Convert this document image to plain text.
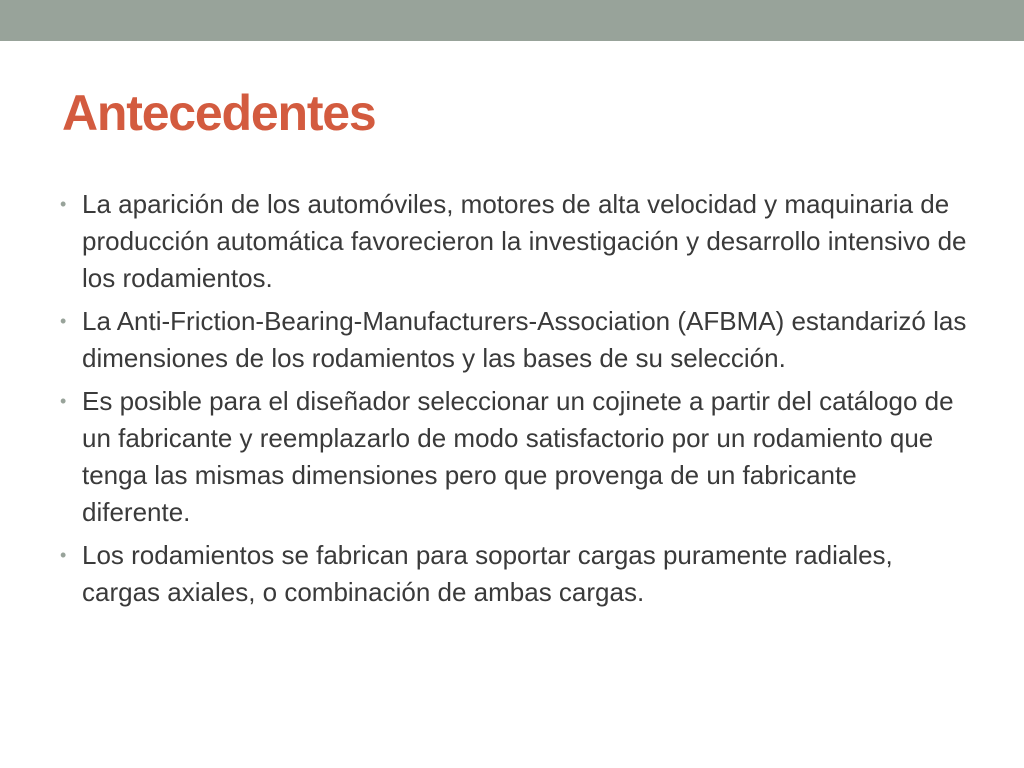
Antecedentes
• La aparición de los automóviles, motores de alta velocidad y maquinaria de producción automática favorecieron la investigación y desarrollo intensivo de los rodamientos.
• La Anti-Friction-Bearing-Manufacturers-Association (AFBMA) estandarizó las dimensiones de los rodamientos y las bases de su selección.
• Es posible para el diseñador seleccionar un cojinete a partir del catálogo de un fabricante y reemplazarlo de modo satisfactorio por un rodamiento que tenga las mismas dimensiones pero que provenga de un fabricante diferente.
• Los rodamientos se fabrican para soportar cargas puramente radiales, cargas axiales, o combinación de ambas cargas.
